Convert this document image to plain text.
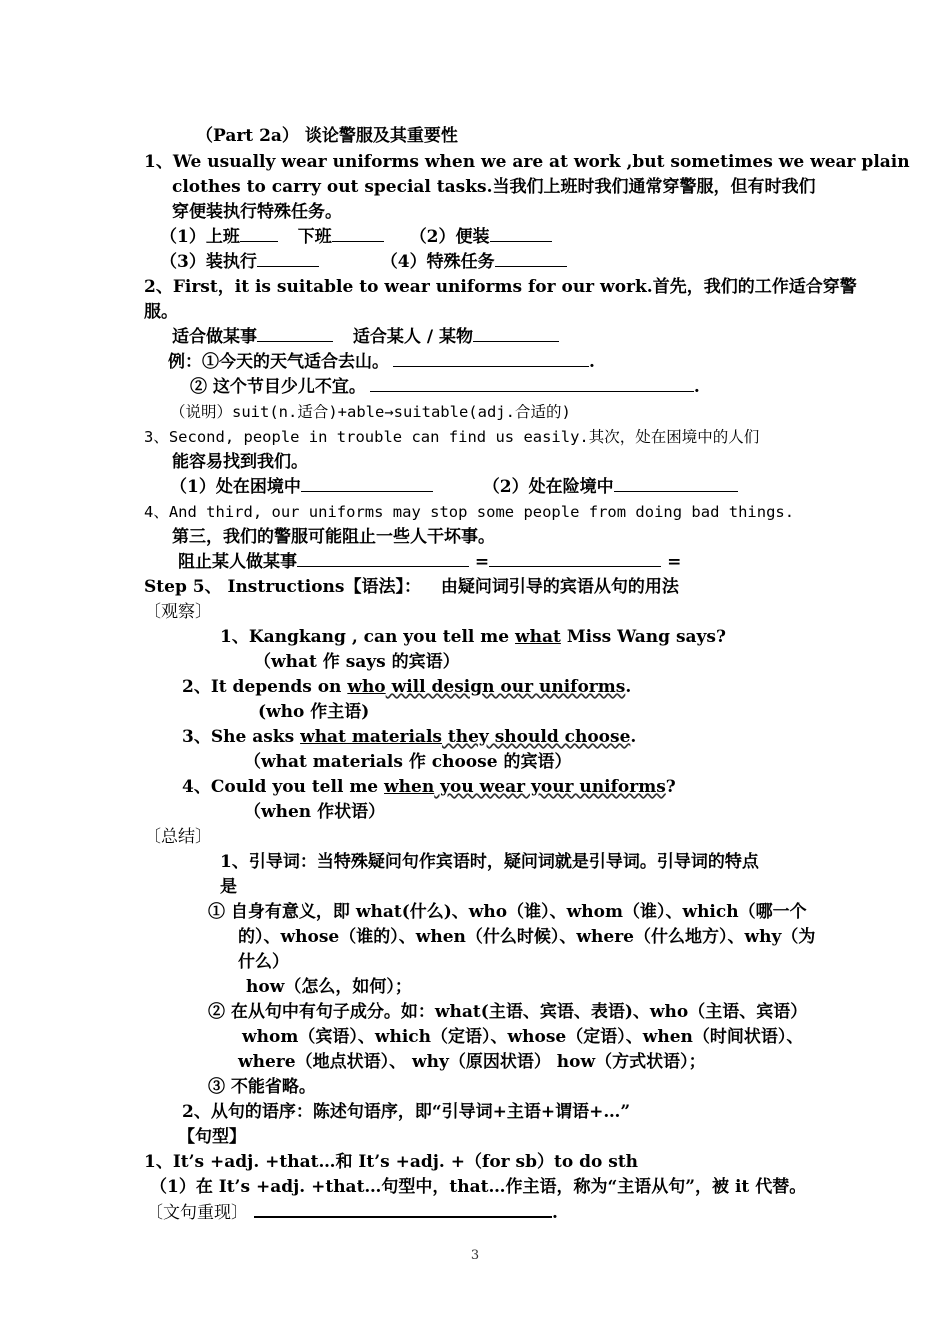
（Part 2a） 谈论警服及其重要性
1、We usually wear uniforms when we are at work ,but sometimes we wear plain
clothes to carry out special tasks.当我们上班时我们通常穿警服，但有时我们
穿便装执行特殊任务。
（1）上班	下班	（2）便装
（3）装执行	（4）特殊任务
2、First，it is suitable to wear uniforms for our work.首先，我们的工作适合穿警
服。
适合做某事	适合某人 / 某物
例：①今天的天气适合去山。	.
② 这个节目少儿不宜。	.
（说明）suit(n.适合)+able→suitable(adj.合适的)
3、Second, people in trouble can find us easily.其次，处在困境中的人们
能容易找到我们。
（1）处在困境中	（2）处在险境中
4、And third, our uniforms may stop some people from doing bad things.
第三，我们的警服可能阻止一些人干坏事。
阻止某人做某事	=	=
Step 5、 Instructions【语法】： 由疑问词引导的宾语从句的用法
〔观察〕
1、Kangkang , can you tell me what Miss Wang says?
（what 作 says 的宾语）
2、It depends on who will design our uniforms.
(who 作主语)
3、She asks what materials they should choose.
（what materials 作 choose 的宾语）
4、Could you tell me when you wear your uniforms?
（when 作状语）
〔总结〕
1、引导词：当特殊疑问句作宾语时，疑问词就是引导词。引导词的特点
是
① 自身有意义，即 what(什么)、who（谁）、whom（谁）、which（哪一个
的）、whose（谁的）、when（什么时候）、where（什么地方）、why（为
什么）
how（怎么，如何）；
② 在从句中有句子成分。如：what(主语、宾语、表语)、who（主语、宾语）
whom（宾语）、which（定语）、whose（定语）、when（时间状语）、
where（地点状语）、 why（原因状语） how（方式状语）；
③ 不能省略。
2、从句的语序：陈述句语序，即“引导词+主语+谓语+…”
【句型】
1、It’s +adj. +that…和 It’s +adj. +（for sb）to do sth
（1）在 It’s +adj. +that…句型中，that…作主语，称为“主语从句”，被 it 代替。
〔文句重现〕	.
3
